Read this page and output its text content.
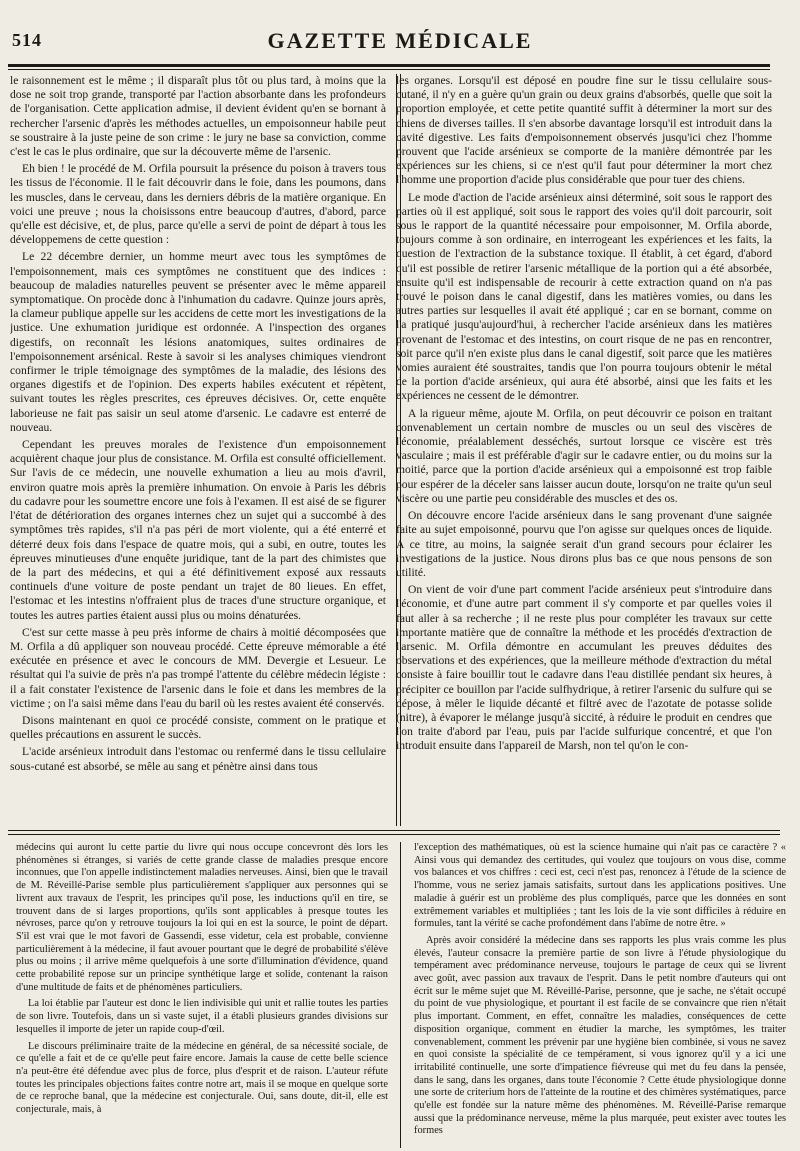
514	GAZETTE MÉDICALE

le raisonnement est le même ; il disparaît plus tôt ou plus tard, à moins que la dose ne soit trop grande, transporté par l'action absorbante dans les profondeurs de l'organisation. Cette application admise, il devient évident qu'en se bornant à rechercher l'arsenic d'après les méthodes actuelles, un empoisonneur habile peut se soustraire à la juste peine de son crime : le jury ne base sa conviction, comme c'est le cas le plus ordinaire, que sur la découverte même de l'arsenic.

Eh bien ! le procédé de M. Orfila poursuit la présence du poison à travers tous les tissus de l'économie. Il le fait découvrir dans le foie, dans les poumons, dans les muscles, dans le cerveau, dans les derniers débris de la matière organique. En voici une preuve ; nous la choisissons entre beaucoup d'autres, d'abord, parce qu'elle est décisive, et, de plus, parce qu'elle a servi de point de départ à tous les développemens de cette question :

Le 22 décembre dernier, un homme meurt avec tous les symptômes de l'empoisonnement, mais ces symptômes ne constituent que des indices : beaucoup de maladies naturelles peuvent se présenter avec le même appareil symptomatique. On procède donc à l'inhumation du cadavre. Quinze jours après, la clameur publique appelle sur les accidens de cette mort les investigations de la justice. Une exhumation juridique est ordonnée. A l'inspection des organes digestifs, on reconnaît les lésions anatomiques, suites ordinaires de l'empoisonnement arsénical. Reste à savoir si les analyses chimiques viendront confirmer le triple témoignage des symptômes de la maladie, des lésions des organes digestifs et de l'opinion. Des experts habiles exécutent et répètent, suivant toutes les règles prescrites, ces épreuves décisives. Or, cette enquête laborieuse ne fait pas saisir un seul atome d'arsenic. Le cadavre est enterré de nouveau.

Cependant les preuves morales de l'existence d'un empoisonnement acquièrent chaque jour plus de consistance. M. Orfila est consulté officiellement. Sur l'avis de ce médecin, une nouvelle exhumation a lieu au mois d'avril, environ quatre mois après la première inhumation. On envoie à Paris les débris du cadavre pour les soumettre encore une fois à l'examen. Il est aisé de se figurer l'état de détérioration des organes internes chez un sujet qui a succombé à des symptômes très rapides, s'il n'a pas péri de mort violente, qui a été enterré et déterré deux fois dans l'espace de quatre mois, qui a subi, en outre, toutes les épreuves minutieuses d'une enquête juridique, tant de la part des chimistes que de la part des médecins, et qui a été définitivement exposé aux ressauts continuels d'une voiture de poste pendant un trajet de 80 lieues. En effet, l'estomac et les intestins n'offraient plus de traces d'une structure organique, et toutes les autres parties étaient aussi plus ou moins dénaturées.

C'est sur cette masse à peu près informe de chairs à moitié décomposées que M. Orfila a dû appliquer son nouveau procédé. Cette épreuve mémorable a été exécutée en présence et avec le concours de MM. Devergie et Lesueur. Le résultat qui l'a suivie de près n'a pas trompé l'attente du célèbre médecin légiste : il a fait constater l'existence de l'arsenic dans le foie et dans les membres de la victime ; on l'a saisi même dans l'eau du baril où les restes avaient été conservés.

Disons maintenant en quoi ce procédé consiste, comment on le pratique et quelles précautions en assurent le succès.

L'acide arsénieux introduit dans l'estomac ou renfermé dans le tissu cellulaire sous-cutané est absorbé, se mêle au sang et pénètre ainsi dans tous

les organes. Lorsqu'il est déposé en poudre fine sur le tissu cellulaire sous-cutané, il n'y en a guère qu'un grain ou deux grains d'absorbés, quelle que soit la proportion employée, et cette petite quantité suffit à déterminer la mort sur des chiens de diverses tailles. Il s'en absorbe davantage lorsqu'il est introduit dans la cavité digestive. Les faits d'empoisonnement observés jusqu'ici chez l'homme prouvent que l'acide arsénieux se comporte de la manière démontrée par les expériences sur les chiens, si ce n'est qu'il faut pour déterminer la mort chez l'homme une proportion d'acide plus considérable que pour tuer des chiens.

Le mode d'action de l'acide arsénieux ainsi déterminé, soit sous le rapport des parties où il est appliqué, soit sous le rapport des voies qu'il doit parcourir, soit sous le rapport de la quantité nécessaire pour empoisonner, M. Orfila aborde, toujours comme à son ordinaire, en interrogeant les expériences et les faits, la question de l'extraction de la substance toxique. Il établit, à cet égard, d'abord qu'il est possible de retirer l'arsenic métallique de la portion qui a été absorbée, ensuite qu'il est indispensable de recourir à cette extraction quand on n'a pas trouvé le poison dans le canal digestif, dans les matières vomies, ou dans les autres parties sur lesquelles il avait été appliqué ; car en se bornant, comme on l'a pratiqué jusqu'aujourd'hui, à rechercher l'acide arsénieux dans les matières provenant de l'estomac et des intestins, on court risque de ne pas en rencontrer, soit parce qu'il n'en existe plus dans le canal digestif, soit parce que les matières vomies auraient été soustraites, tandis que l'on pourra toujours obtenir le métal de la portion d'acide arsénieux, qui aura été absorbé, ainsi que les faits et les expériences ne cessent de le démontrer.

A la rigueur même, ajoute M. Orfila, on peut découvrir ce poison en traitant convenablement un certain nombre de muscles ou un seul des viscères de l'économie, préalablement desséchés, surtout lorsque ce viscère est très vasculaire ; mais il est préférable d'agir sur le cadavre entier, ou du moins sur la moitié, parce que la portion d'acide arsénieux qui a empoisonné est trop faible pour espérer de la déceler sans laisser aucun doute, lorsqu'on ne traite qu'un seul viscère ou une partie peu considérable des muscles et des os.

On découvre encore l'acide arsénieux dans le sang provenant d'une saignée faite au sujet empoisonné, pourvu que l'on agisse sur quelques onces de liquide. A ce titre, au moins, la saignée serait d'un grand secours pour éclairer les investigations de la justice. Nous dirons plus bas ce que nous pensons de son utilité.

On vient de voir d'une part comment l'acide arsénieux peut s'introduire dans l'économie, et d'une autre part comment il s'y comporte et par quelles voies il faut aller à sa recherche ; il ne reste plus pour compléter les travaux sur cette importante matière que de connaître la méthode et les procédés d'extraction de l'arsenic. M. Orfila démontre en accumulant les preuves déduites des observations et des expériences, que la meilleure méthode d'extraction du métal consiste à faire bouillir tout le cadavre dans l'eau distillée pendant six heures, à précipiter ce bouillon par l'acide sulfhydrique, à retirer l'arsenic du sulfure qui se dépose, à mêler le liquide décanté et filtré avec de l'azotate de potasse solide (nitre), à évaporer le mélange jusqu'à siccité, à réduire le produit en cendres que l'on traite d'abord par l'eau, puis par l'acide sulfurique concentré, et que l'on introduit ensuite dans l'appareil de Marsh, non tel qu'on le con-

médecins qui auront lu cette partie du livre qui nous occupe concevront dès lors les phénomènes si étranges, si variés de cette grande classe de maladies presque encore inconnues, que l'on appelle indistinctement maladies nerveuses. Ainsi, bien que le travail de M. Réveillé-Parise semble plus particulièrement s'appliquer aux personnes qui se livrent aux travaux de l'esprit, les principes qu'il pose, les inductions qu'il en tire, se trouvent dans de si larges proportions, qu'ils sont applicables à presque toutes les névroses, parce qu'on y retrouve toujours la loi qui en est la source, le point de départ. S'il est vrai que le mot favori de Gassendi, esse videtur, cela est probable, convienne particulièrement à la médecine, il faut avouer pourtant que le degré de probabilité s'élève plus ou moins ; il arrive même quelquefois à une sorte d'illumination d'évidence, quand cette probabilité repose sur un principe synthétique large et solide, contenant la raison d'une multitude de faits et de phénomènes particuliers.

La loi établie par l'auteur est donc le lien indivisible qui unit et rallie toutes les parties de son livre. Toutefois, dans un si vaste sujet, il a établi plusieurs grandes divisions sur lesquelles il importe de jeter un rapide coup-d'œil.

Le discours préliminaire traite de la médecine en général, de sa nécessité sociale, de ce qu'elle a fait et de ce qu'elle peut faire encore. Jamais la cause de cette belle science n'a peut-être été défendue avec plus de force, plus d'esprit et de raison. L'auteur réfute toutes les principales objections faites contre notre art, mais il se moque en quelque sorte de ce reproche banal, que la médecine est conjecturale. Oui, sans doute, dit-il, elle est conjecturale, mais, à

l'exception des mathématiques, où est la science humaine qui n'ait pas ce caractère ? « Ainsi vous qui demandez des certitudes, qui voulez que toujours on vous dise, comme vos balances et vos chiffres : ceci est, ceci n'est pas, renoncez à l'étude de la science de l'homme, vous ne seriez jamais satisfaits, surtout dans les applications positives. Une maladie à guérir est un problème des plus compliqués, parce que les données en sont extrêmement variables et multipliées ; tant les lois de la vie sont difficiles à réduire en formules, tant la vérité se cache profondément dans l'abîme de notre être. »

Après avoir considéré la médecine dans ses rapports les plus vrais comme les plus élevés, l'auteur consacre la première partie de son livre à l'étude physiologique du tempérament avec prédominance nerveuse, toujours le partage de ceux qui se livrent avec goût, avec passion aux travaux de l'esprit. Dans le petit nombre d'auteurs qui ont écrit sur le même sujet que M. Réveillé-Parise, personne, que je sache, ne s'était occupé du point de vue physiologique, et pourtant il est facile de se convaincre que rien n'était plus important. Comment, en effet, connaître les maladies, conséquences de cette disposition organique, comment en étudier la marche, les symptômes, les traiter convenablement, comment les prévenir par une hygiène bien combinée, si vous ne savez en quoi consiste la spécialité de ce tempérament, si vous ignorez qu'il y a ici une irritabilité continuelle, une sorte d'impatience fiévreuse qui met du feu dans la pensée, dans le sang, dans les organes, dans toute l'économie ? Cette étude physiologique donne une sorte de criterium hors de l'atteinte de la routine et des chimères systématiques, parce qu'elle est fondée sur la nature même des phénomènes. M. Réveillé-Parise remarque aussi que la prédominance nerveuse, même la plus marquée, peut exister avec toutes les formes
